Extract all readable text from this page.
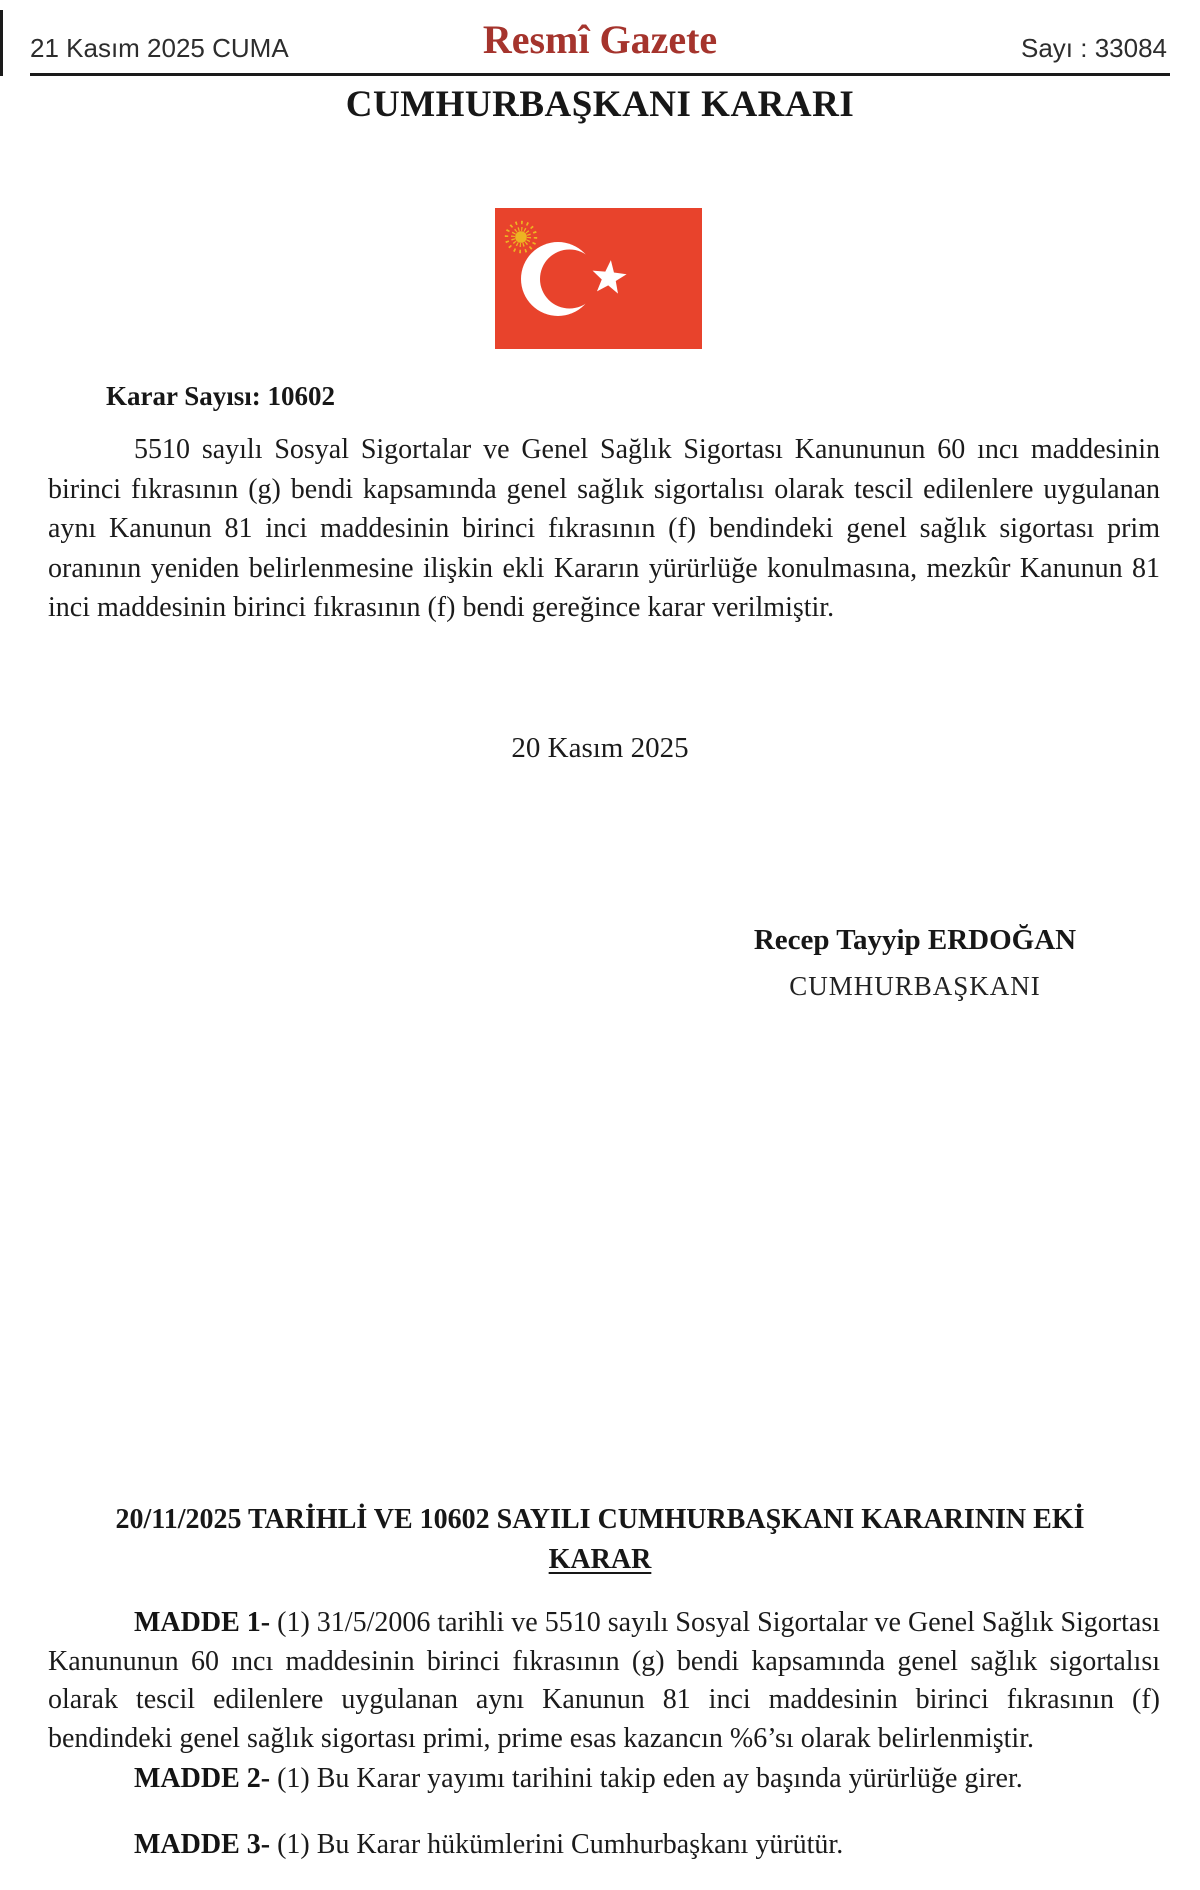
21 Kasım 2025 CUMA	Resmî Gazete	Sayı : 33084
CUMHURBAŞKANI KARARI
Karar Sayısı: 10602
5510 sayılı Sosyal Sigortalar ve Genel Sağlık Sigortası Kanununun 60 ıncı maddesinin birinci fıkrasının (g) bendi kapsamında genel sağlık sigortalısı olarak tescil edilenlere uygulanan aynı Kanunun 81 inci maddesinin birinci fıkrasının (f) bendindeki genel sağlık sigortası prim oranının yeniden belirlenmesine ilişkin ekli Kararın yürürlüğe konulmasına, mezkûr Kanunun 81 inci maddesinin birinci fıkrasının (f) bendi gereğince karar verilmiştir.
20 Kasım 2025
Recep Tayyip ERDOĞAN
CUMHURBAŞKANI
20/11/2025 TARİHLİ VE 10602 SAYILI CUMHURBAŞKANI KARARININ EKİ
KARAR
MADDE 1- (1) 31/5/2006 tarihli ve 5510 sayılı Sosyal Sigortalar ve Genel Sağlık Sigortası Kanununun 60 ıncı maddesinin birinci fıkrasının (g) bendi kapsamında genel sağlık sigortalısı olarak tescil edilenlere uygulanan aynı Kanunun 81 inci maddesinin birinci fıkrasının (f) bendindeki genel sağlık sigortası primi, prime esas kazancın %6’sı olarak belirlenmiştir.
MADDE 2- (1) Bu Karar yayımı tarihini takip eden ay başında yürürlüğe girer.
MADDE 3- (1) Bu Karar hükümlerini Cumhurbaşkanı yürütür.
